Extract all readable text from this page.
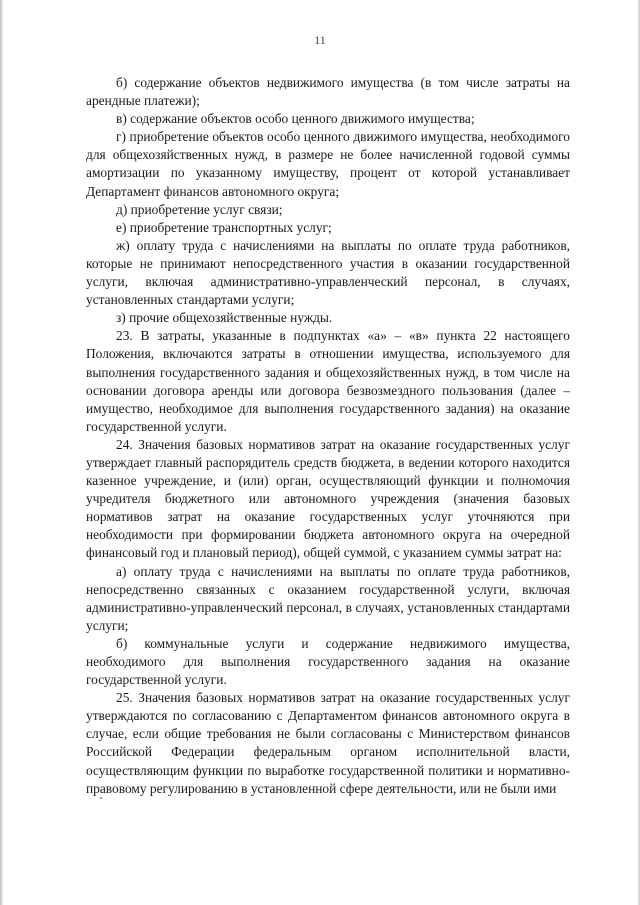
11

б) содержание объектов недвижимого имущества (в том числе затраты на арендные платежи);

в) содержание объектов особо ценного движимого имущества;

г) приобретение объектов особо ценного движимого имущества, необходимого для общехозяйственных нужд, в размере не более начисленной годовой суммы амортизации по указанному имуществу, процент от которой устанавливает Департамент финансов автономного округа;

д) приобретение услуг связи;

е) приобретение транспортных услуг;

ж) оплату труда с начислениями на выплаты по оплате труда работников, которые не принимают непосредственного участия в оказании государственной услуги, включая административно-управленческий персонал, в случаях, установленных стандартами услуги;

з) прочие общехозяйственные нужды.

23. В затраты, указанные в подпунктах «а» – «в» пункта 22 настоящего Положения, включаются затраты в отношении имущества, используемого для выполнения государственного задания и общехозяйственных нужд, в том числе на основании договора аренды или договора безвозмездного пользования (далее – имущество, необходимое для выполнения государственного задания) на оказание государственной услуги.

24. Значения базовых нормативов затрат на оказание государственных услуг утверждает главный распорядитель средств бюджета, в ведении которого находится казенное учреждение, и (или) орган, осуществляющий функции и полномочия учредителя бюджетного или автономного учреждения (значения базовых нормативов затрат на оказание государственных услуг уточняются при необходимости при формировании бюджета автономного округа на очередной финансовый год и плановый период), общей суммой, с указанием суммы затрат на:

а) оплату труда с начислениями на выплаты по оплате труда работников, непосредственно связанных с оказанием государственной услуги, включая административно-управленческий персонал, в случаях, установленных стандартами услуги;

б) коммунальные услуги и содержание недвижимого имущества, необходимого для выполнения государственного задания на оказание государственной услуги.

25. Значения базовых нормативов затрат на оказание государственных услуг утверждаются по согласованию с Департаментом финансов автономного округа в случае, если общие требования не были согласованы с Министерством финансов Российской Федерации федеральным органом исполнительной власти, осуществляющим функции по выработке государственной политики и нормативно-правовому регулированию в установленной сфере деятельности, или не были ими
